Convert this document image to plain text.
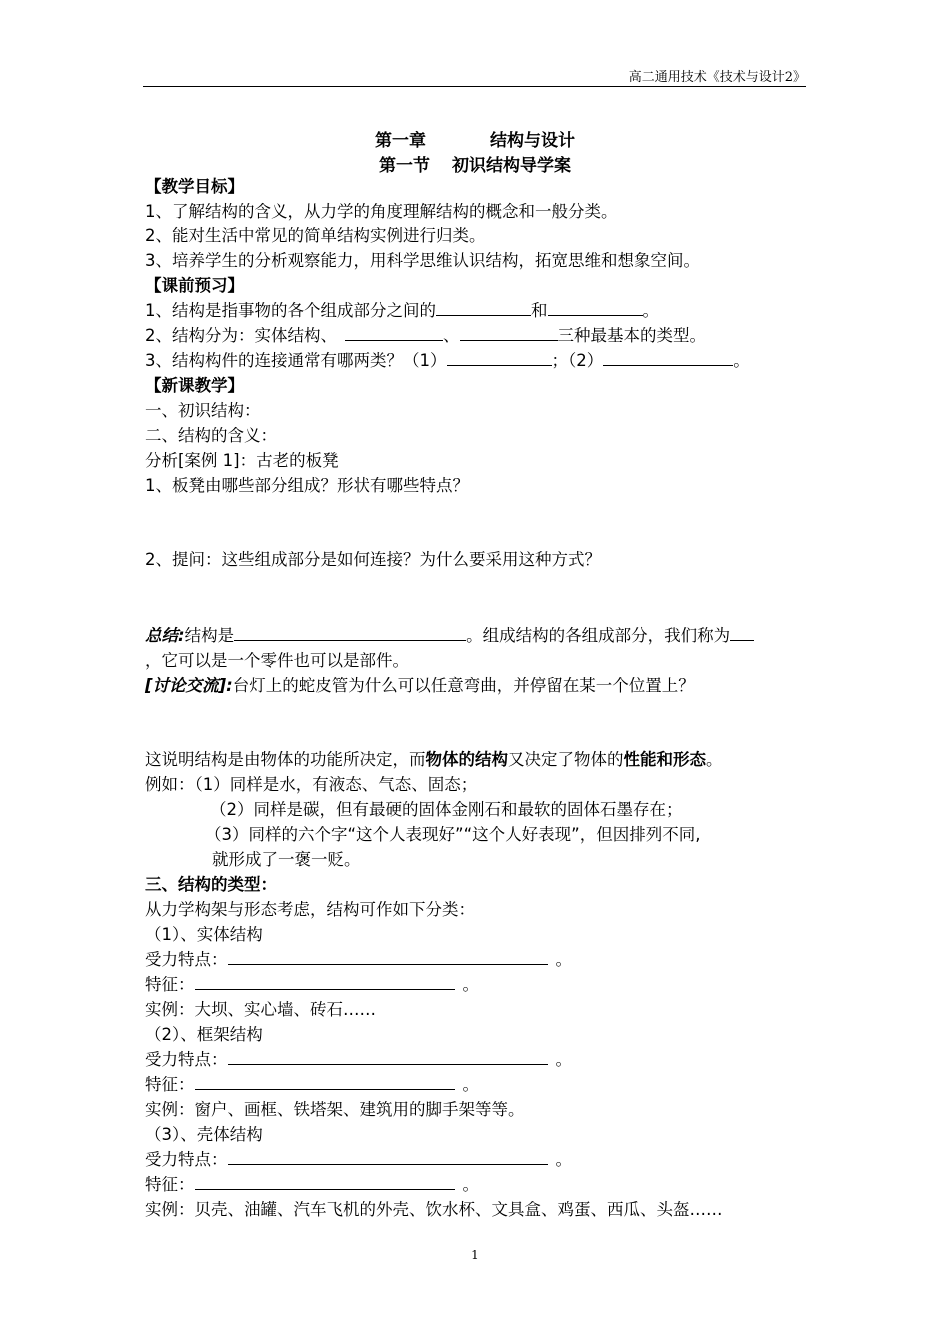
高二通用技术《技术与设计2》
第一章	结构与设计
第一节 初识结构导学案
【教学目标】
1、了解结构的含义，从力学的角度理解结构的概念和一般分类。
2、能对生活中常见的简单结构实例进行归类。
3、培养学生的分析观察能力，用科学思维认识结构，拓宽思维和想象空间。
【课前预习】
1、结构是指事物的各个组成部分之间的	和	。
2、结构分为：实体结构、	、	三种最基本的类型。
3、结构构件的连接通常有哪两类？（1）	；（2）	。
【新课教学】
一、初识结构：
二、结构的含义：
分析[案例 1]：古老的板凳
1、板凳由哪些部分组成？形状有哪些特点？
2、提问：这些组成部分是如何连接？为什么要采用这种方式？
总结:结构是	。组成结构的各组成部分，我们称为
，它可以是一个零件也可以是部件。
[讨论交流]:台灯上的蛇皮管为什么可以任意弯曲，并停留在某一个位置上？
这说明结构是由物体的功能所决定，而物体的结构又决定了物体的性能和形态。
例如：（1）同样是水，有液态、气态、固态；
（2）同样是碳，但有最硬的固体金刚石和最软的固体石墨存在；
（3）同样的六个字“这个人表现好”“这个人好表现”，但因排列不同,
就形成了一褒一贬。
三、结构的类型：
从力学构架与形态考虑，结构可作如下分类：
（1）、实体结构
受力特点：	。
特征：	。
实例：大坝、实心墙、砖石……
（2）、框架结构
受力特点：	。
特征：	。
实例：窗户、画框、铁塔架、建筑用的脚手架等等。
（3）、壳体结构
受力特点：	。
特征：	。
实例：贝壳、油罐、汽车飞机的外壳、饮水杯、文具盒、鸡蛋、西瓜、头盔……
1
